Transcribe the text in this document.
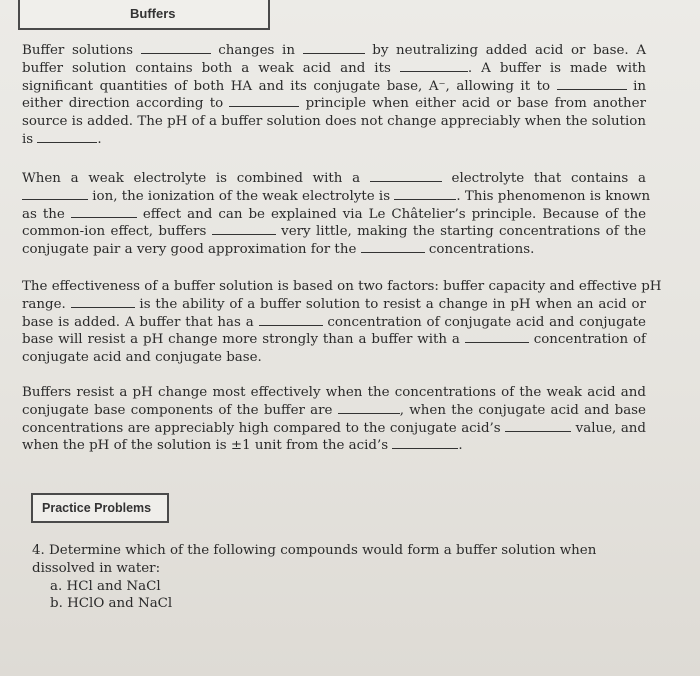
Buffers
Buffer solutions	changes in	by neutralizing added acid or base. A
buffer solution contains both a weak acid and its	. A buffer is made with
significant quantities of both HA and its conjugate base, A⁻, allowing it to	in
either direction according to	principle when either acid or base from another
source is added. The pH of a buffer solution does not change appreciably when the solution
is	.
When a weak electrolyte is combined with a	electrolyte that contains a
ion, the ionization of the weak electrolyte is	. This phenomenon is known
as the	effect and can be explained via Le Châtelier’s principle. Because of the
common-ion effect, buffers	very little, making the starting concentrations of the
conjugate pair a very good approximation for the	concentrations.
The effectiveness of a buffer solution is based on two factors: buffer capacity and effective pH
range.	is the ability of a buffer solution to resist a change in pH when an acid or
base is added. A buffer that has a	concentration of conjugate acid and conjugate
base will resist a pH change more strongly than a buffer with a	concentration of
conjugate acid and conjugate base.
Buffers resist a pH change most effectively when the concentrations of the weak acid and
conjugate base components of the buffer are	, when the conjugate acid and base
concentrations are appreciably high compared to the conjugate acid’s	value, and
when the pH of the solution is ±1 unit from the acid’s	.
Practice Problems
4. Determine which of the following compounds would form a buffer solution when
dissolved in water:
a. HCl and NaCl
b. HClO and NaCl
